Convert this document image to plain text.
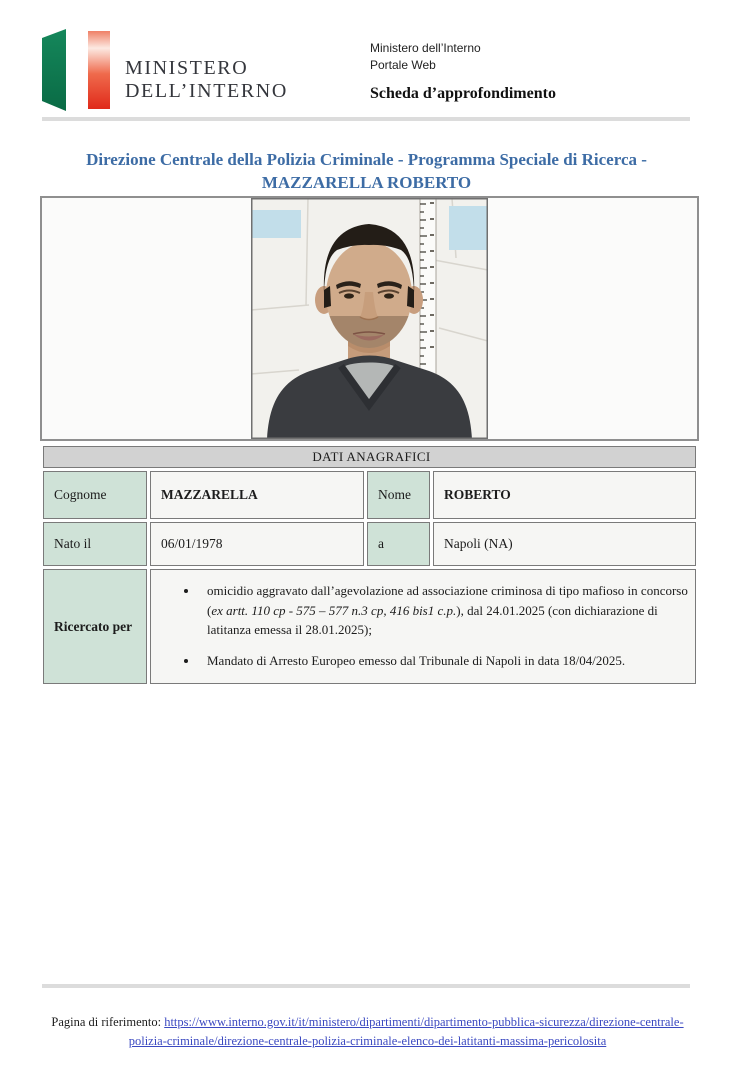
MINISTERO
DELL’INTERNO
Ministero dell’Interno
Portale Web
Scheda d’approfondimento
Direzione Centrale della Polizia Criminale - Programma Speciale di Ricerca -
MAZZARELLA ROBERTO
DATI ANAGRAFICI			
Cognome	MAZZARELLA	Nome	ROBERTO
Nato il	06/01/1978	a	Napoli (NA)
Ricercato per	
• omicidio aggravato dall’agevolazione ad associazione criminosa di tipo mafioso in concorso (ex artt. 110 cp - 575 – 577 n.3 cp, 416 bis1 c.p.), dal 24.01.2025 (con dichiarazione di latitanza emessa il 28.01.2025);
• Mandato di Arresto Europeo emesso dal Tribunale di Napoli in data 18/04/2025.

Pagina di riferimento: https://www.interno.gov.it/it/ministero/dipartimenti/dipartimento-pubblica-sicurezza/direzione-centrale-polizia-criminale/direzione-centrale-polizia-criminale-elenco-dei-latitanti-massima-pericolosita
